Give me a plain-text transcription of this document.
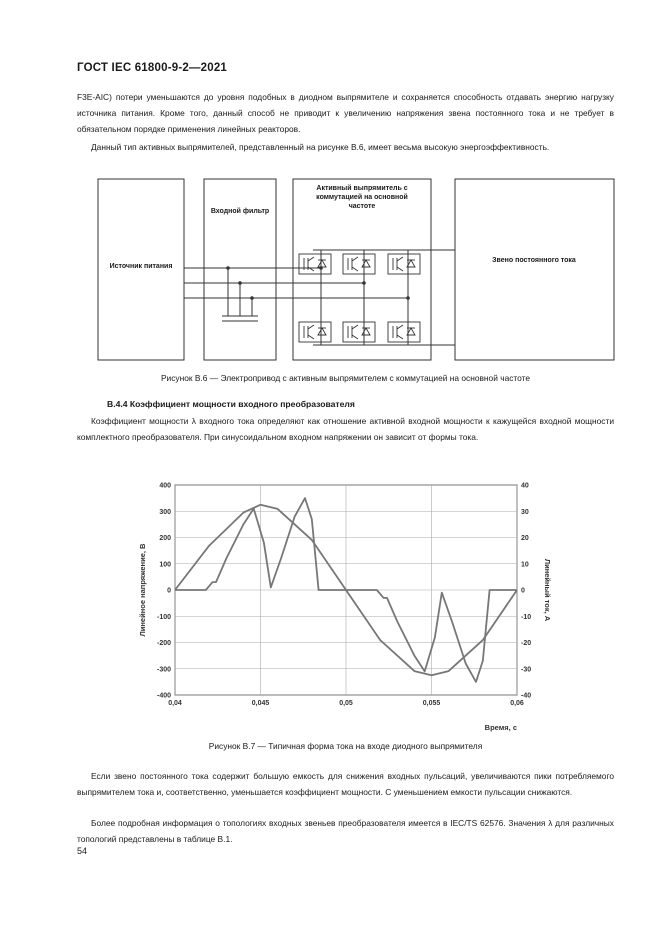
ГОСТ IEC 61800-9-2—2021
F3E-AIC) потери уменьшаются до уровня подобных в диодном выпрямителе и сохраняется способность отдавать энергию нагрузку источника питания. Кроме того, данный способ не приводит к увеличению напряжения звена постоянного тока и не требует в обязательном порядке применения линейных реакторов.
Данный тип активных выпрямителей, представленный на рисунке B.6, имеет весьма высокую энергоэффективность.
Источник питания
Входной фильтр
Активный выпрямитель с коммутацией на основной частоте
Звено постоянного тока
Рисунок B.6 — Электропривод с активным выпрямителем с коммутацией на основной частоте
B.4.4 Коэффициент мощности входного преобразователя
Коэффициент мощности λ входного тока определяют как отношение активной входной мощности к кажущейся входной мощности комплектного преобразователя. При синусоидальном входном напряжении он зависит от формы тока.
400	40
300	30
200	20
100	10
0	0
-100	-10
-200	-20
-300	-30
-400	-40
0,04	0,045	0,05	0,055	0,06
Линейное напряжение, В	Линейный ток, А
Время, с
Рисунок B.7 — Типичная форма тока на входе диодного выпрямителя
Если звено постоянного тока содержит большую емкость для снижения входных пульсаций, увеличиваются пики потребляемого выпрямителем тока и, соответственно, уменьшается коэффициент мощности. С уменьшением емкости пульсации снижаются.
Более подробная информация о топологиях входных звеньев преобразователя имеется в IEC/TS 62576. Значения λ для различных топологий представлены в таблице B.1.
54
